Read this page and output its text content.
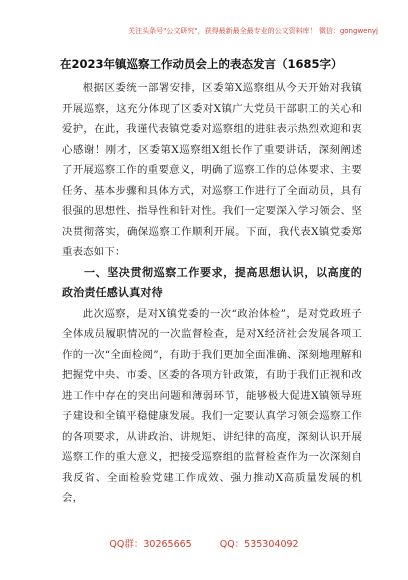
关注头条号"公文研究"，获得最新最全最专业的公文资料库！ 微信：gongwenyj
在2023年镇巡察工作动员会上的表态发言（1685字）

根据区委统一部署安排，区委第X巡察组从今天开始对我镇开展巡察，这充分体现了区委对X镇广大党员干部职工的关心和爱护，在此，我谨代表镇党委对巡察组的进驻表示热烈欢迎和衷心感谢！刚才，区委第X巡察组X组长作了重要讲话，深刻阐述了开展巡察工作的重要意义，明确了巡察工作的总体要求、主要任务、基本步骤和具体方式，对巡察工作进行了全面动员，具有很强的思想性、指导性和针对性。我们一定要深入学习领会、坚决贯彻落实，确保巡察工作顺利开展。下面，我代表X镇党委郑重表态如下：

一、坚决贯彻巡察工作要求，提高思想认识，以高度的政治责任感认真对待

此次巡察，是对X镇党委的一次“政治体检”，是对党政班子全体成员履职情况的一次监督检查，是对X经济社会发展各项工作的一次“全面检阅”，有助于我们更加全面准确、深刻地理解和把握党中央、市委、区委的各项方针政策，有助于我们正视和改进工作中存在的突出问题和薄弱环节，能够极大促进X镇领导班子建设和全镇平稳健康发展。我们一定要认真学习领会巡察工作的各项要求，从讲政治、讲规矩、讲纪律的高度，深刻认识开展巡察工作的重大意义，把接受巡察组的监督检查作为一次深刻自我反省、全面检验党建工作成效、强力推动X高质量发展的机会，

QQ群：30265665	QQ：535304092
